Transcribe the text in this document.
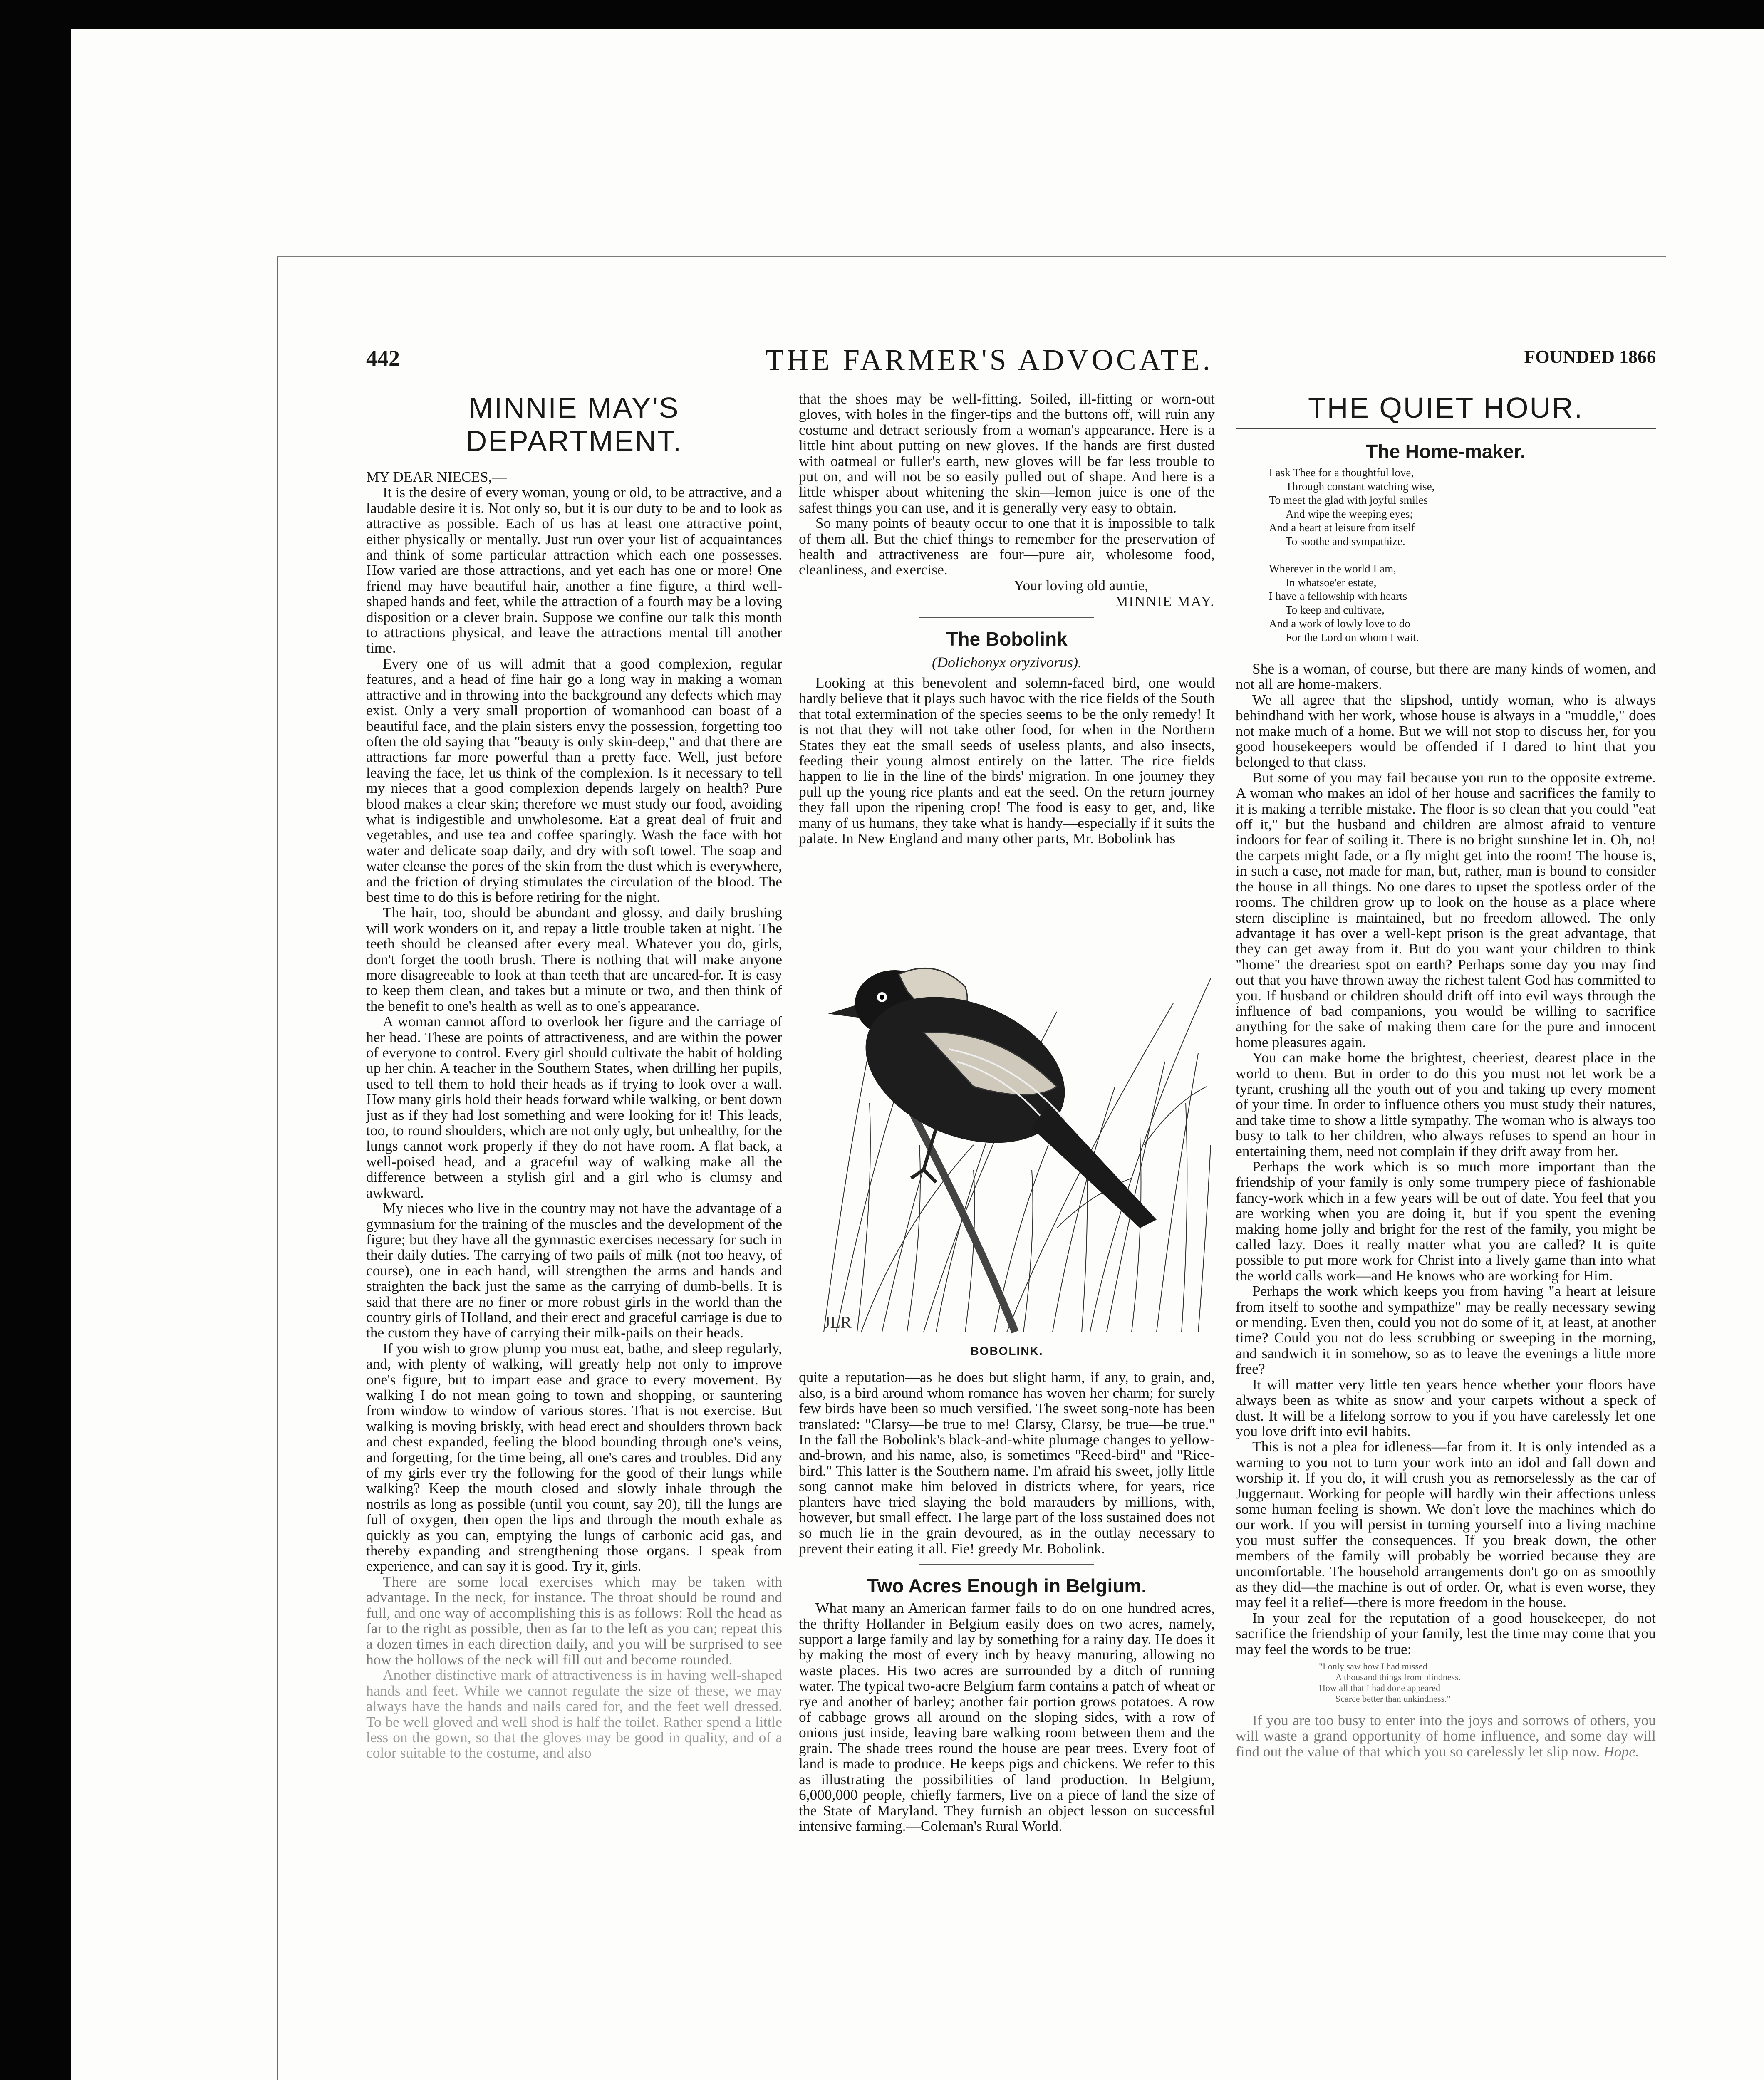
442	THE FARMER'S ADVOCATE.	FOUNDED 1866
MINNIE MAY'S DEPARTMENT.

MY DEAR NIECES,—

It is the desire of every woman, young or old, to be attractive, and a laudable desire it is. Not only so, but it is our duty to be and to look as attractive as possible. Each of us has at least one attractive point, either physically or mentally. Just run over your list of acquaintances and think of some particular attraction which each one possesses. How varied are those attractions, and yet each has one or more! One friend may have beautiful hair, another a fine figure, a third well-shaped hands and feet, while the attraction of a fourth may be a loving disposition or a clever brain. Suppose we confine our talk this month to attractions physical, and leave the attractions mental till another time.

Every one of us will admit that a good complexion, regular features, and a head of fine hair go a long way in making a woman attractive and in throwing into the background any defects which may exist. Only a very small proportion of womanhood can boast of a beautiful face, and the plain sisters envy the possession, forgetting too often the old saying that "beauty is only skin-deep," and that there are attractions far more powerful than a pretty face. Well, just before leaving the face, let us think of the complexion. Is it necessary to tell my nieces that a good complexion depends largely on health? Pure blood makes a clear skin; therefore we must study our food, avoiding what is indigestible and unwholesome. Eat a great deal of fruit and vegetables, and use tea and coffee sparingly. Wash the face with hot water and delicate soap daily, and dry with soft towel. The soap and water cleanse the pores of the skin from the dust which is everywhere, and the friction of drying stimulates the circulation of the blood. The best time to do this is before retiring for the night.

The hair, too, should be abundant and glossy, and daily brushing will work wonders on it, and repay a little trouble taken at night. The teeth should be cleansed after every meal. Whatever you do, girls, don't forget the tooth brush. There is nothing that will make anyone more disagreeable to look at than teeth that are uncared-for. It is easy to keep them clean, and takes but a minute or two, and then think of the benefit to one's health as well as to one's appearance.

A woman cannot afford to overlook her figure and the carriage of her head. These are points of attractiveness, and are within the power of everyone to control. Every girl should cultivate the habit of holding up her chin. A teacher in the Southern States, when drilling her pupils, used to tell them to hold their heads as if trying to look over a wall. How many girls hold their heads forward while walking, or bent down just as if they had lost something and were looking for it! This leads, too, to round shoulders, which are not only ugly, but unhealthy, for the lungs cannot work properly if they do not have room. A flat back, a well-poised head, and a graceful way of walking make all the difference between a stylish girl and a girl who is clumsy and awkward.

My nieces who live in the country may not have the advantage of a gymnasium for the training of the muscles and the development of the figure; but they have all the gymnastic exercises necessary for such in their daily duties. The carrying of two pails of milk (not too heavy, of course), one in each hand, will strengthen the arms and hands and straighten the back just the same as the carrying of dumb-bells. It is said that there are no finer or more robust girls in the world than the country girls of Holland, and their erect and graceful carriage is due to the custom they have of carrying their milk-pails on their heads.

If you wish to grow plump you must eat, bathe, and sleep regularly, and, with plenty of walking, will greatly help not only to improve one's figure, but to impart ease and grace to every movement. By walking I do not mean going to town and shopping, or sauntering from window to window of various stores. That is not exercise. But walking is moving briskly, with head erect and shoulders thrown back and chest expanded, feeling the blood bounding through one's veins, and forgetting, for the time being, all one's cares and troubles. Did any of my girls ever try the following for the good of their lungs while walking? Keep the mouth closed and slowly inhale through the nostrils as long as possible (until you count, say 20), till the lungs are full of oxygen, then open the lips and through the mouth exhale as quickly as you can, emptying the lungs of carbonic acid gas, and thereby expanding and strengthening those organs. I speak from experience, and can say it is good. Try it, girls.

There are some local exercises which may be taken with advantage. In the neck, for instance. The throat should be round and full, and one way of accomplishing this is as follows: Roll the head as far to the right as possible, then as far to the left as you can; repeat this a dozen times in each direction daily, and you will be surprised to see how the hollows of the neck will fill out and become rounded.

Another distinctive mark of attractiveness is in having well-shaped hands and feet. While we cannot regulate the size of these, we may always have the hands and nails cared for, and the feet well dressed. To be well gloved and well shod is half the toilet. Rather spend a little less on the gown, so that the gloves may be good in quality, and of a color suitable to the costume, and also

that the shoes may be well-fitting. Soiled, ill-fitting or worn-out gloves, with holes in the finger-tips and the buttons off, will ruin any costume and detract seriously from a woman's appearance. Here is a little hint about putting on new gloves. If the hands are first dusted with oatmeal or fuller's earth, new gloves will be far less trouble to put on, and will not be so easily pulled out of shape. And here is a little whisper about whitening the skin—lemon juice is one of the safest things you can use, and it is generally very easy to obtain.

So many points of beauty occur to one that it is impossible to talk of them all. But the chief things to remember for the preservation of health and attractiveness are four—pure air, wholesome food, cleanliness, and exercise.

Your loving old auntie,

MINNIE MAY.

The Bobolink

(Dolichonyx oryzivorus).

Looking at this benevolent and solemn-faced bird, one would hardly believe that it plays such havoc with the rice fields of the South that total extermination of the species seems to be the only remedy! It is not that they will not take other food, for when in the Northern States they eat the small seeds of useless plants, and also insects, feeding their young almost entirely on the latter. The rice fields happen to lie in the line of the birds' migration. In one journey they pull up the young rice plants and eat the seed. On the return journey they fall upon the ripening crop! The food is easy to get, and, like many of us humans, they take what is handy—especially if it suits the palate. In New England and many other parts, Mr. Bobolink has

JLR
BOBOLINK.

quite a reputation—as he does but slight harm, if any, to grain, and, also, is a bird around whom romance has woven her charm; for surely few birds have been so much versified. The sweet song-note has been translated: "Clarsy—be true to me! Clarsy, Clarsy, be true—be true." In the fall the Bobolink's black-and-white plumage changes to yellow-and-brown, and his name, also, is sometimes "Reed-bird" and "Rice-bird." This latter is the Southern name. I'm afraid his sweet, jolly little song cannot make him beloved in districts where, for years, rice planters have tried slaying the bold marauders by millions, with, however, but small effect. The large part of the loss sustained does not so much lie in the grain devoured, as in the outlay necessary to prevent their eating it all. Fie! greedy Mr. Bobolink.

Two Acres Enough in Belgium.

What many an American farmer fails to do on one hundred acres, the thrifty Hollander in Belgium easily does on two acres, namely, support a large family and lay by something for a rainy day. He does it by making the most of every inch by heavy manuring, allowing no waste places. His two acres are surrounded by a ditch of running water. The typical two-acre Belgium farm contains a patch of wheat or rye and another of barley; another fair portion grows potatoes. A row of cabbage grows all around on the sloping sides, with a row of onions just inside, leaving bare walking room between them and the grain. The shade trees round the house are pear trees. Every foot of land is made to produce. He keeps pigs and chickens. We refer to this as illustrating the possibilities of land production. In Belgium, 6,000,000 people, chiefly farmers, live on a piece of land the size of the State of Maryland. They furnish an object lesson on successful intensive farming.—Coleman's Rural World.

THE QUIET HOUR.
The Home-maker.
I ask Thee for a thoughtful love,
Through constant watching wise,
To meet the glad with joyful smiles
And wipe the weeping eyes;
And a heart at leisure from itself
To soothe and sympathize.

Wherever in the world I am,
In whatsoe'er estate,
I have a fellowship with hearts
To keep and cultivate,
And a work of lowly love to do
For the Lord on whom I wait.

She is a woman, of course, but there are many kinds of women, and not all are home-makers.

We all agree that the slipshod, untidy woman, who is always behindhand with her work, whose house is always in a "muddle," does not make much of a home. But we will not stop to discuss her, for you good housekeepers would be offended if I dared to hint that you belonged to that class.

But some of you may fail because you run to the opposite extreme. A woman who makes an idol of her house and sacrifices the family to it is making a terrible mistake. The floor is so clean that you could "eat off it," but the husband and children are almost afraid to venture indoors for fear of soiling it. There is no bright sunshine let in. Oh, no! the carpets might fade, or a fly might get into the room! The house is, in such a case, not made for man, but, rather, man is bound to consider the house in all things. No one dares to upset the spotless order of the rooms. The children grow up to look on the house as a place where stern discipline is maintained, but no freedom allowed. The only advantage it has over a well-kept prison is the great advantage, that they can get away from it. But do you want your children to think "home" the dreariest spot on earth? Perhaps some day you may find out that you have thrown away the richest talent God has committed to you. If husband or children should drift off into evil ways through the influence of bad companions, you would be willing to sacrifice anything for the sake of making them care for the pure and innocent home pleasures again.

You can make home the brightest, cheeriest, dearest place in the world to them. But in order to do this you must not let work be a tyrant, crushing all the youth out of you and taking up every moment of your time. In order to influence others you must study their natures, and take time to show a little sympathy. The woman who is always too busy to talk to her children, who always refuses to spend an hour in entertaining them, need not complain if they drift away from her.

Perhaps the work which is so much more important than the friendship of your family is only some trumpery piece of fashionable fancy-work which in a few years will be out of date. You feel that you are working when you are doing it, but if you spent the evening making home jolly and bright for the rest of the family, you might be called lazy. Does it really matter what you are called? It is quite possible to put more work for Christ into a lively game than into what the world calls work—and He knows who are working for Him.

Perhaps the work which keeps you from having "a heart at leisure from itself to soothe and sympathize" may be really necessary sewing or mending. Even then, could you not do some of it, at least, at another time? Could you not do less scrubbing or sweeping in the morning, and sandwich it in somehow, so as to leave the evenings a little more free?

It will matter very little ten years hence whether your floors have always been as white as snow and your carpets without a speck of dust. It will be a lifelong sorrow to you if you have carelessly let one you love drift into evil habits.

This is not a plea for idleness—far from it. It is only intended as a warning to you not to turn your work into an idol and fall down and worship it. If you do, it will crush you as remorselessly as the car of Juggernaut. Working for people will hardly win their affections unless some human feeling is shown. We don't love the machines which do our work. If you will persist in turning yourself into a living machine you must suffer the consequences. If you break down, the other members of the family will probably be worried because they are uncomfortable. The household arrangements don't go on as smoothly as they did—the machine is out of order. Or, what is even worse, they may feel it a relief—there is more freedom in the house.

In your zeal for the reputation of a good housekeeper, do not sacrifice the friendship of your family, lest the time may come that you may feel the words to be true:

"I only saw how I had missed
A thousand things from blindness.
How all that I had done appeared
Scarce better than unkindness."

If you are too busy to enter into the joys and sorrows of others, you will waste a grand opportunity of home influence, and some day will find out the value of that which you so carelessly let slip now. Hope.
